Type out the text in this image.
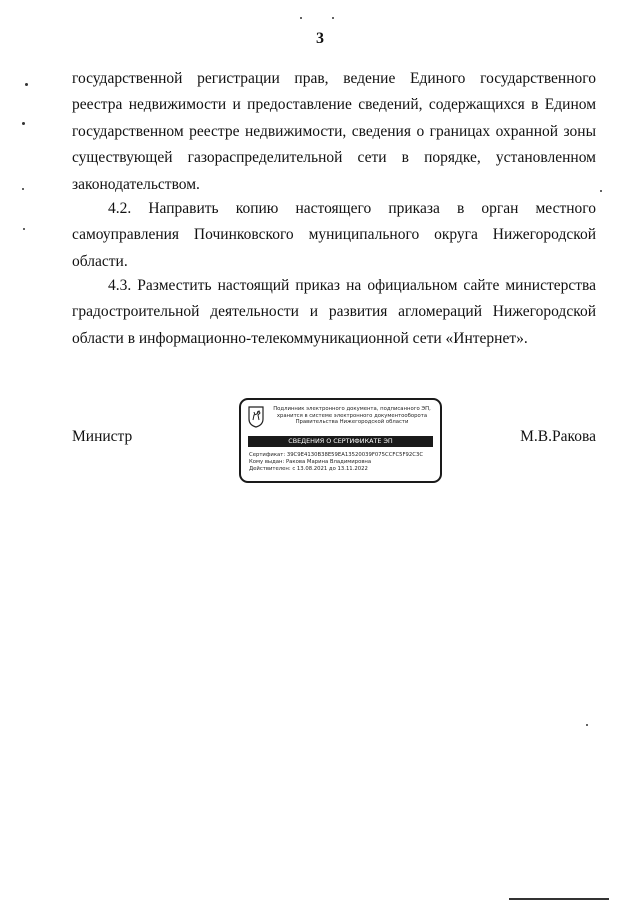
3
государственной регистрации прав, ведение Единого государственного реестра недвижимости и предоставление сведений, содержащихся в Едином государственном реестре недвижимости, сведения о границах охранной зоны существующей газораспределительной сети в порядке, установленном законодательством.
4.2. Направить копию настоящего приказа в орган местного самоуправления Починковского муниципального округа Нижегородской области.
4.3. Разместить настоящий приказ на официальном сайте министерства градостроительной деятельности и развития агломераций Нижегородской области в информационно-телекоммуникационной сети «Интернет».
Министр	М.В.Ракова
Подлинник электронного документа, подписанного ЭП, хранится в системе электронного документооборота Правительства Нижегородской области
СВЕДЕНИЯ О СЕРТИФИКАТЕ ЭП
Сертификат: 39C9E4130B38E59EA13520039F075CCFC5F92C3C
Кому выдан: Ракова Марина Владимировна
Действителен: с 13.08.2021 до 13.11.2022
